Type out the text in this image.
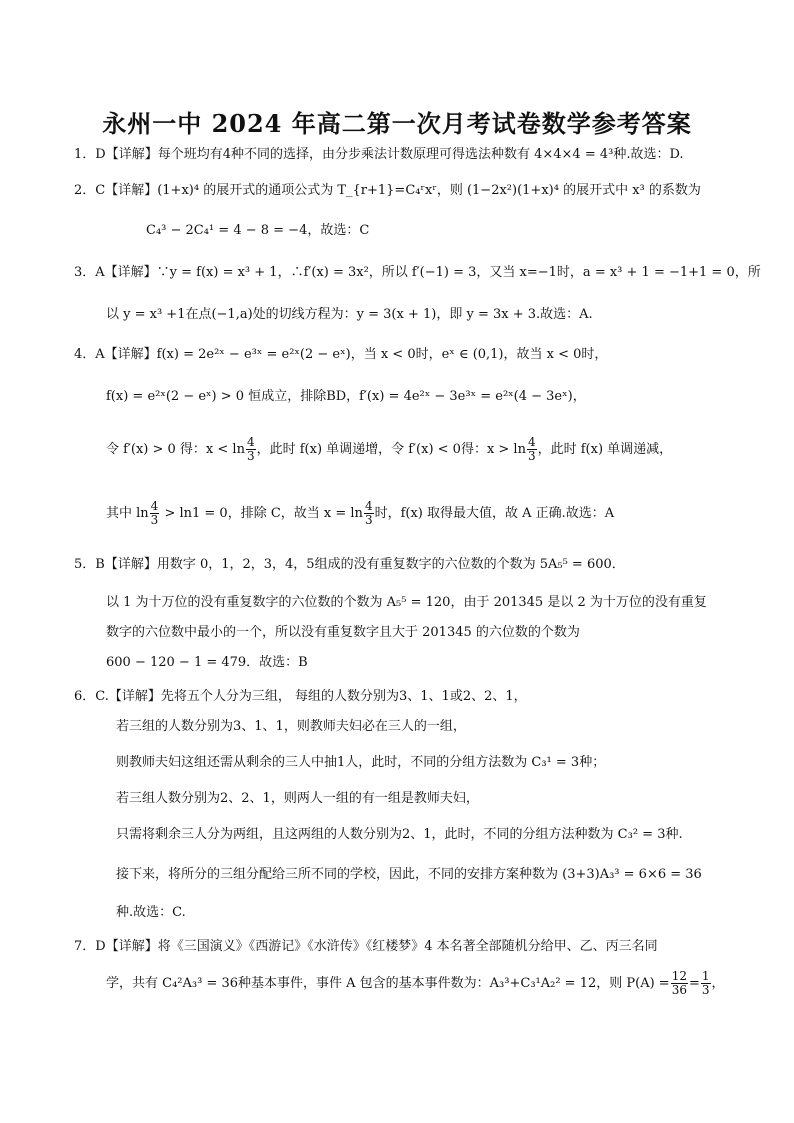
永州一中 2024 年高二第一次月考试卷数学参考答案
1．D【详解】每个班均有4种不同的选择，由分步乘法计数原理可得选法种数有 4×4×4 = 4³种.故选：D.
2．C【详解】(1+x)⁴ 的展开式的通项公式为 T_{r+1}=C₄ʳxʳ，则 (1−2x²)(1+x)⁴ 的展开式中 x³ 的系数为
C₄³ − 2C₄¹ = 4 − 8 = −4，故选：C
3．A【详解】∵y = f(x) = x³ + 1，∴f′(x) = 3x²，所以 f′(−1) = 3，又当 x=−1时，a = x³ + 1 = −1+1 = 0，所
以 y = x³ +1在点(−1,a)处的切线方程为：y = 3(x + 1)，即 y = 3x + 3.故选：A.
4．A【详解】f(x) = 2e²ˣ − e³ˣ = e²ˣ(2 − eˣ)，当 x < 0时，eˣ ∈ (0,1)，故当 x < 0时，
f(x) = e²ˣ(2 − eˣ) > 0 恒成立，排除BD，f′(x) = 4e²ˣ − 3e³ˣ = e²ˣ(4 − 3eˣ)，
令 f′(x) > 0 得：$x < \ln \frac{4}{3}$ ，此时 f(x) 单调递增，令 f′(x) < 0得：$x > \ln \frac{4}{3}$ ，此时 f(x) 单调递减，
其中 $\ln \frac{4}{3} > \ln 1 = 0$，排除 C，故当 $x = \ln \frac{4}{3}$ 时，f(x) 取得最大值，故 A 正确.故选：A
5．B【详解】用数字 0，1，2，3，4，5组成的没有重复数字的六位数的个数为 5A₅⁵ = 600．
以 1 为十万位的没有重复数字的六位数的个数为 A₅⁵ = 120，由于 201345 是以 2 为十万位的没有重复
数字的六位数中最小的一个，所以没有重复数字且大于 201345 的六位数的个数为
600 − 120 − 1 = 479．故选：B
6．C.【详解】先将五个人分为三组， 每组的人数分别为3、1、1或2、2、1，
若三组的人数分别为3、1、1，则教师夫妇必在三人的一组，
则教师夫妇这组还需从剩余的三人中抽1人，此时，不同的分组方法数为 C₃¹ = 3种；
若三组人数分别为2、2、1，则两人一组的有一组是教师夫妇，
只需将剩余三人分为两组，且这两组的人数分别为2、1，此时，不同的分组方法种数为 C₃² = 3种.
接下来，将所分的三组分配给三所不同的学校，因此，不同的安排方案种数为 (3+3)A₃³ = 6×6 = 36
种.故选：C.
7．D【详解】将《三国演义》《西游记》《水浒传》《红楼梦》4 本名著全部随机分给甲、乙、丙三名同
学，共有 C₄²A₃³ = 36种基本事件，事件 A 包含的基本事件数为：A₃³+C₃¹A₂² = 12，则 $P(A) = \frac{12}{36} = \frac{1}{3}$ ，
